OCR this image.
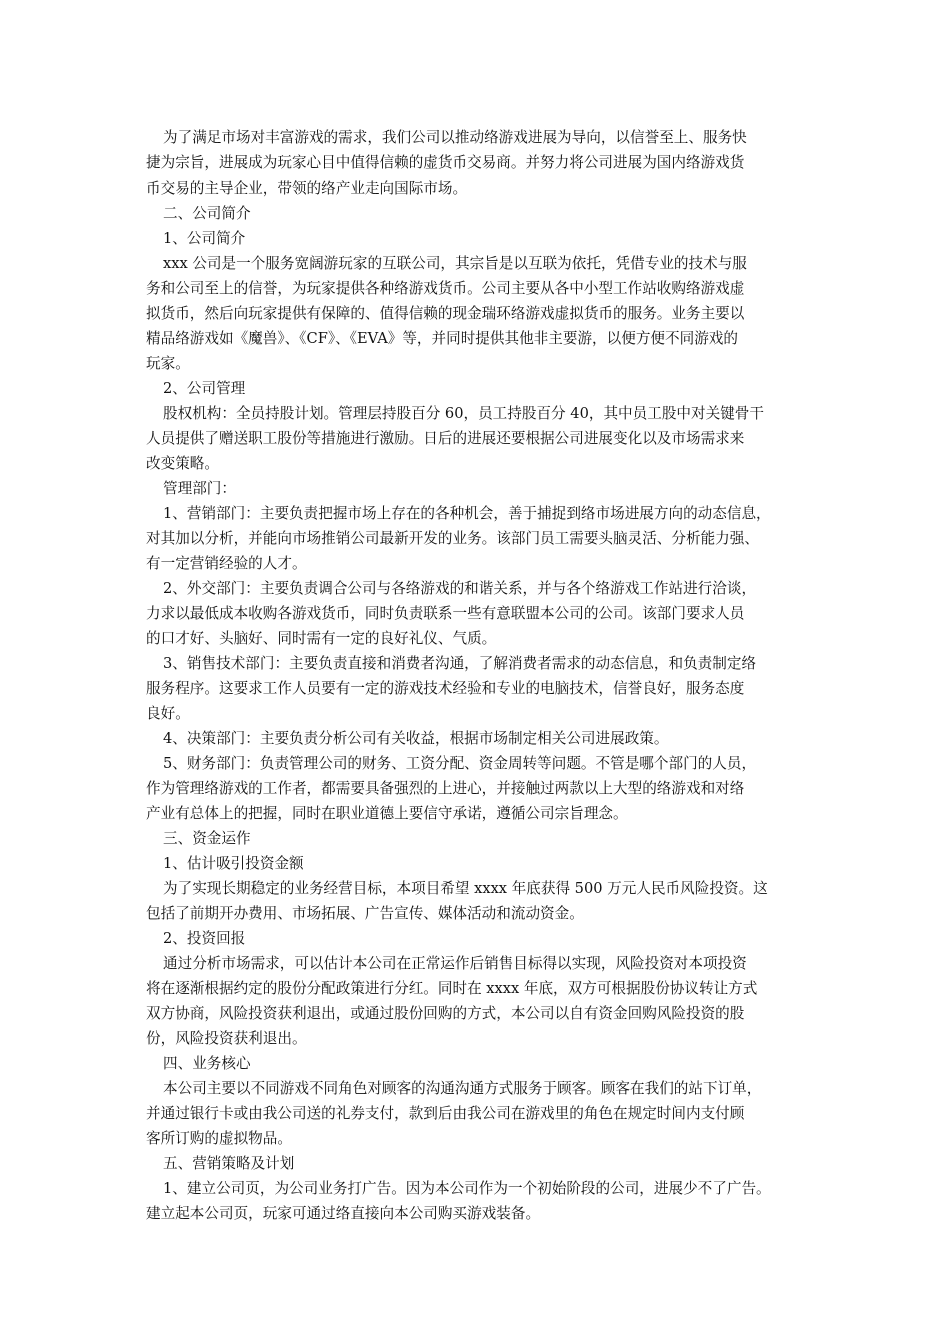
为了满足市场对丰富游戏的需求，我们公司以推动络游戏进展为导向，以信誉至上、服务快
捷为宗旨，进展成为玩家心目中值得信赖的虚货币交易商。并努力将公司进展为国内络游戏货
币交易的主导企业，带领的络产业走向国际市场。
二、公司简介
1、公司简介
xxx 公司是一个服务宽阔游玩家的互联公司，其宗旨是以互联为依托，凭借专业的技术与服
务和公司至上的信誉，为玩家提供各种络游戏货币。公司主要从各中小型工作站收购络游戏虚
拟货币，然后向玩家提供有保障的、值得信赖的现金瑞环络游戏虚拟货币的服务。业务主要以
精品络游戏如《魔兽》、《CF》、《EVA》等，并同时提供其他非主要游，以便方便不同游戏的
玩家。
2、公司管理
股权机构：全员持股计划。管理层持股百分 60，员工持股百分 40，其中员工股中对关键骨干
人员提供了赠送职工股份等措施进行激励。日后的进展还要根据公司进展变化以及市场需求来
改变策略。
管理部门：
1、营销部门：主要负责把握市场上存在的各种机会，善于捕捉到络市场进展方向的动态信息，
对其加以分析，并能向市场推销公司最新开发的业务。该部门员工需要头脑灵活、分析能力强、
有一定营销经验的人才。
2、外交部门：主要负责调合公司与各络游戏的和谐关系，并与各个络游戏工作站进行洽谈，
力求以最低成本收购各游戏货币，同时负责联系一些有意联盟本公司的公司。该部门要求人员
的口才好、头脑好、同时需有一定的良好礼仪、气质。
3、销售技术部门：主要负责直接和消费者沟通，了解消费者需求的动态信息，和负责制定络
服务程序。这要求工作人员要有一定的游戏技术经验和专业的电脑技术，信誉良好，服务态度
良好。
4、决策部门：主要负责分析公司有关收益，根据市场制定相关公司进展政策。
5、财务部门：负责管理公司的财务、工资分配、资金周转等问题。不管是哪个部门的人员，
作为管理络游戏的工作者，都需要具备强烈的上进心，并接触过两款以上大型的络游戏和对络
产业有总体上的把握，同时在职业道德上要信守承诺，遵循公司宗旨理念。
三、资金运作
1、估计吸引投资金额
为了实现长期稳定的业务经营目标，本项目希望 xxxx 年底获得 500 万元人民币风险投资。这
包括了前期开办费用、市场拓展、广告宣传、媒体活动和流动资金。
2、投资回报
通过分析市场需求，可以估计本公司在正常运作后销售目标得以实现，风险投资对本项投资
将在逐渐根据约定的股份分配政策进行分红。同时在 xxxx 年底，双方可根据股份协议转让方式
双方协商，风险投资获利退出，或通过股份回购的方式，本公司以自有资金回购风险投资的股
份，风险投资获利退出。
四、业务核心
本公司主要以不同游戏不同角色对顾客的沟通沟通方式服务于顾客。顾客在我们的站下订单，
并通过银行卡或由我公司送的礼券支付，款到后由我公司在游戏里的角色在规定时间内支付顾
客所订购的虚拟物品。
五、营销策略及计划
1、建立公司页，为公司业务打广告。因为本公司作为一个初始阶段的公司，进展少不了广告。
建立起本公司页，玩家可通过络直接向本公司购买游戏装备。
